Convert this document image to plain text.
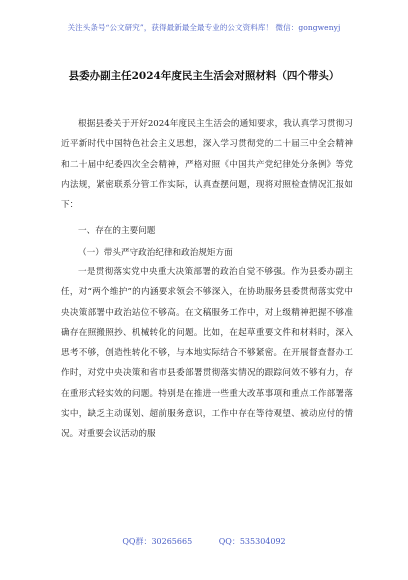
关注头条号“公文研究”，获得最新最全最专业的公文资料库！ 微信：gongwenyj
县委办副主任2024年度民主生活会对照材料（四个带头）
根据县委关于开好2024年度民主生活会的通知要求，我认真学习贯彻习近平新时代中国特色社会主义思想，深入学习贯彻党的二十届三中全会精神和二十届中纪委四次全会精神，严格对照《中国共产党纪律处分条例》等党内法规，紧密联系分管工作实际，认真查摆问题，现将对照检查情况汇报如下：
一、存在的主要问题
（一）带头严守政治纪律和政治规矩方面
一是贯彻落实党中央重大决策部署的政治自觉不够强。作为县委办副主任，对“两个维护”的内涵要求领会不够深入，在协助服务县委贯彻落实党中央决策部署中政治站位不够高。在文稿服务工作中，对上级精神把握不够准确存在照搬照抄、机械转化的问题。比如，在起草重要文件和材料时，深入思考不够，创造性转化不够，与本地实际结合不够紧密。在开展督查督办工作时，对党中央决策和省市县委部署贯彻落实情况的跟踪问效不够有力，存在重形式轻实效的问题。特别是在推进一些重大改革事项和重点工作部署落实中，缺乏主动谋划、超前服务意识，工作中存在等待观望、被动应付的情况。对重要会议活动的服
QQ群：30265665	QQ：535304092
